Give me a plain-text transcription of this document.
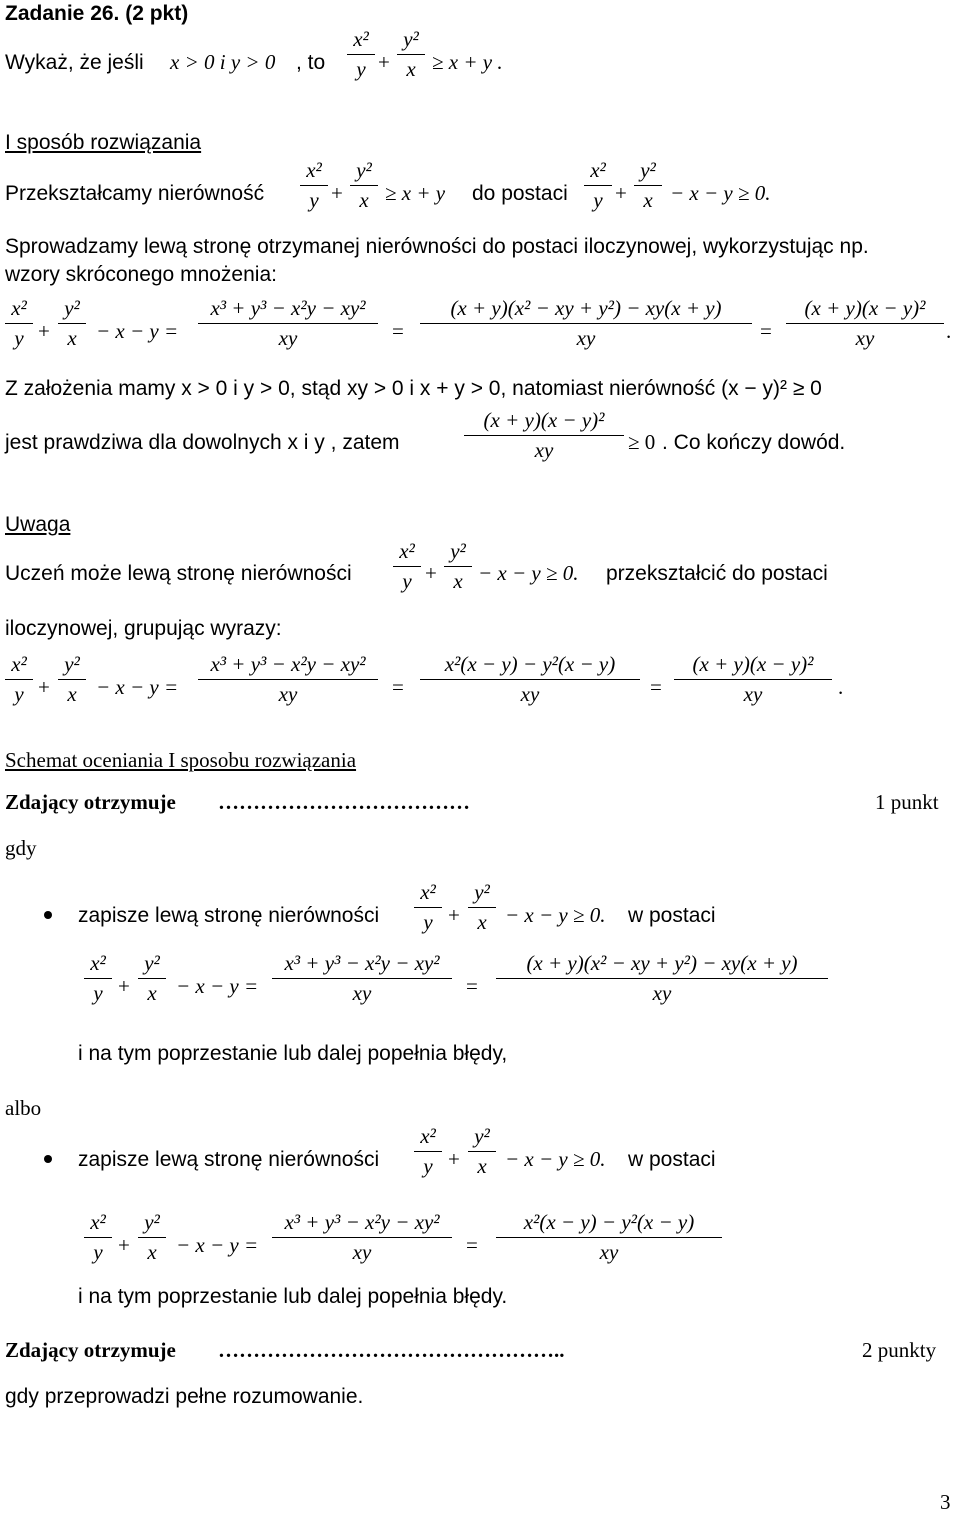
Zadanie 26. (2 pkt)
Wykaż, że jeśli x > 0 i y > 0 , to $\frac{\text{x²}}{y} + \frac{\text{y²}}{x} \ge x + y$ .
I sposób rozwiązania
Przekształcamy nierówność $\frac{\text{x²}}{y} + \frac{\text{y²}}{x} \ge x + y$ do postaci $\frac{\text{x²}}{y} + \frac{\text{y²}}{x} - x - y \ge 0$.
Sprowadzamy lewą stronę otrzymanej nierówności do postaci iloczynowej, wykorzystując np.
wzory skróconego mnożenia:
$\frac{\text{x²}}{y} + \frac{\text{y²}}{x} - x - y = \frac{\text{x³ + y³ − x²y − xy²}}{xy} = \frac{\text{(x + y)(x² − xy + y²) − xy(x + y)}}{xy} = \frac{\text{(x + y)(x − y)²}}{xy}$ .
Z założenia mamy x > 0 i y > 0, stąd xy > 0 i x + y > 0, natomiast nierówność (x − y)² ≥ 0
jest prawdziwa dla dowolnych x i y , zatem	$\frac{\text{(x + y)(x − y)²}}{xy} \ge 0$ . Co kończy dowód.
Uwaga
Uczeń może lewą stronę nierówności $\frac{\text{x²}}{y} + \frac{\text{y²}}{x} - x - y \ge 0$. przekształcić do postaci
iloczynowej, grupując wyrazy:
$\frac{\text{x²}}{y} + \frac{\text{y²}}{x} - x - y = \frac{\text{x³ + y³ − x²y − xy²}}{xy} = \frac{\text{x²(x − y) − y²(x − y)}}{xy} = \frac{\text{(x + y)(x − y)²}}{xy}$ .
Schemat oceniania I sposobu rozwiązania
Zdający otrzymuje ………………………………	1 punkt
gdy
zapisze lewą stronę nierówności $\frac{\text{x²}}{y} + \frac{\text{y²}}{x} - x - y \ge 0$. w postaci
$\frac{\text{x²}}{y} + \frac{\text{y²}}{x} - x - y = \frac{\text{x³ + y³ − x²y − xy²}}{xy} = \frac{\text{(x + y)(x² − xy + y²) − xy(x + y)}}{xy}$
i na tym poprzestanie lub dalej popełnia błędy,
albo
zapisze lewą stronę nierówności $\frac{\text{x²}}{y} + \frac{\text{y²}}{x} - x - y \ge 0$. w postaci
$\frac{\text{x²}}{y} + \frac{\text{y²}}{x} - x - y = \frac{\text{x³ + y³ − x²y − xy²}}{xy} = \frac{\text{x²(x − y) − y²(x − y)}}{xy}$
i na tym poprzestanie lub dalej popełnia błędy.
Zdający otrzymuje …………………………………………..	2 punkty
gdy przeprowadzi pełne rozumowanie.
3
